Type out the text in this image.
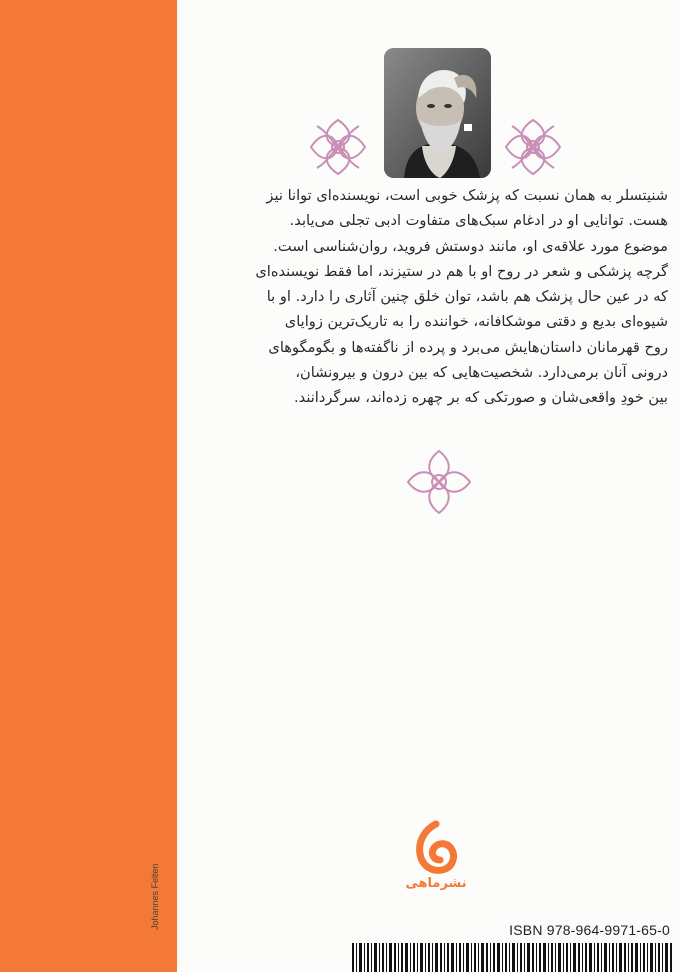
شنیتسلر به همان نسبت که پزشک خوبی است، نویسنده‌ای توانا نیز
هست. توانایی او در ادغام سبک‌های متفاوت ادبی تجلی می‌یابد.
موضوع مورد علاقه‌ی او، مانند دوستش فروید، روان‌شناسی است.
گرچه پزشکی و شعر در روح او با هم در ستیزند، اما فقط نویسنده‌ای
که در عین حال پزشک هم باشد، توان خلق چنین آثاری را دارد. او با
شیوه‌ای بدیع و دقتی موشکافانه، خواننده را به تاریک‌ترین زوایای
روح قهرمانان داستان‌هایش می‌برد و پرده از ناگفته‌ها و بگومگوهای
درونی آنان برمی‌دارد. شخصیت‌هایی که بین درون و بیرونشان،
بین خودِ واقعی‌شان و صورتکی که بر چهره زده‌اند، سرگردانند.
نشرماهی
Johannes Felten	ISBN 978-964-9971-65-0
